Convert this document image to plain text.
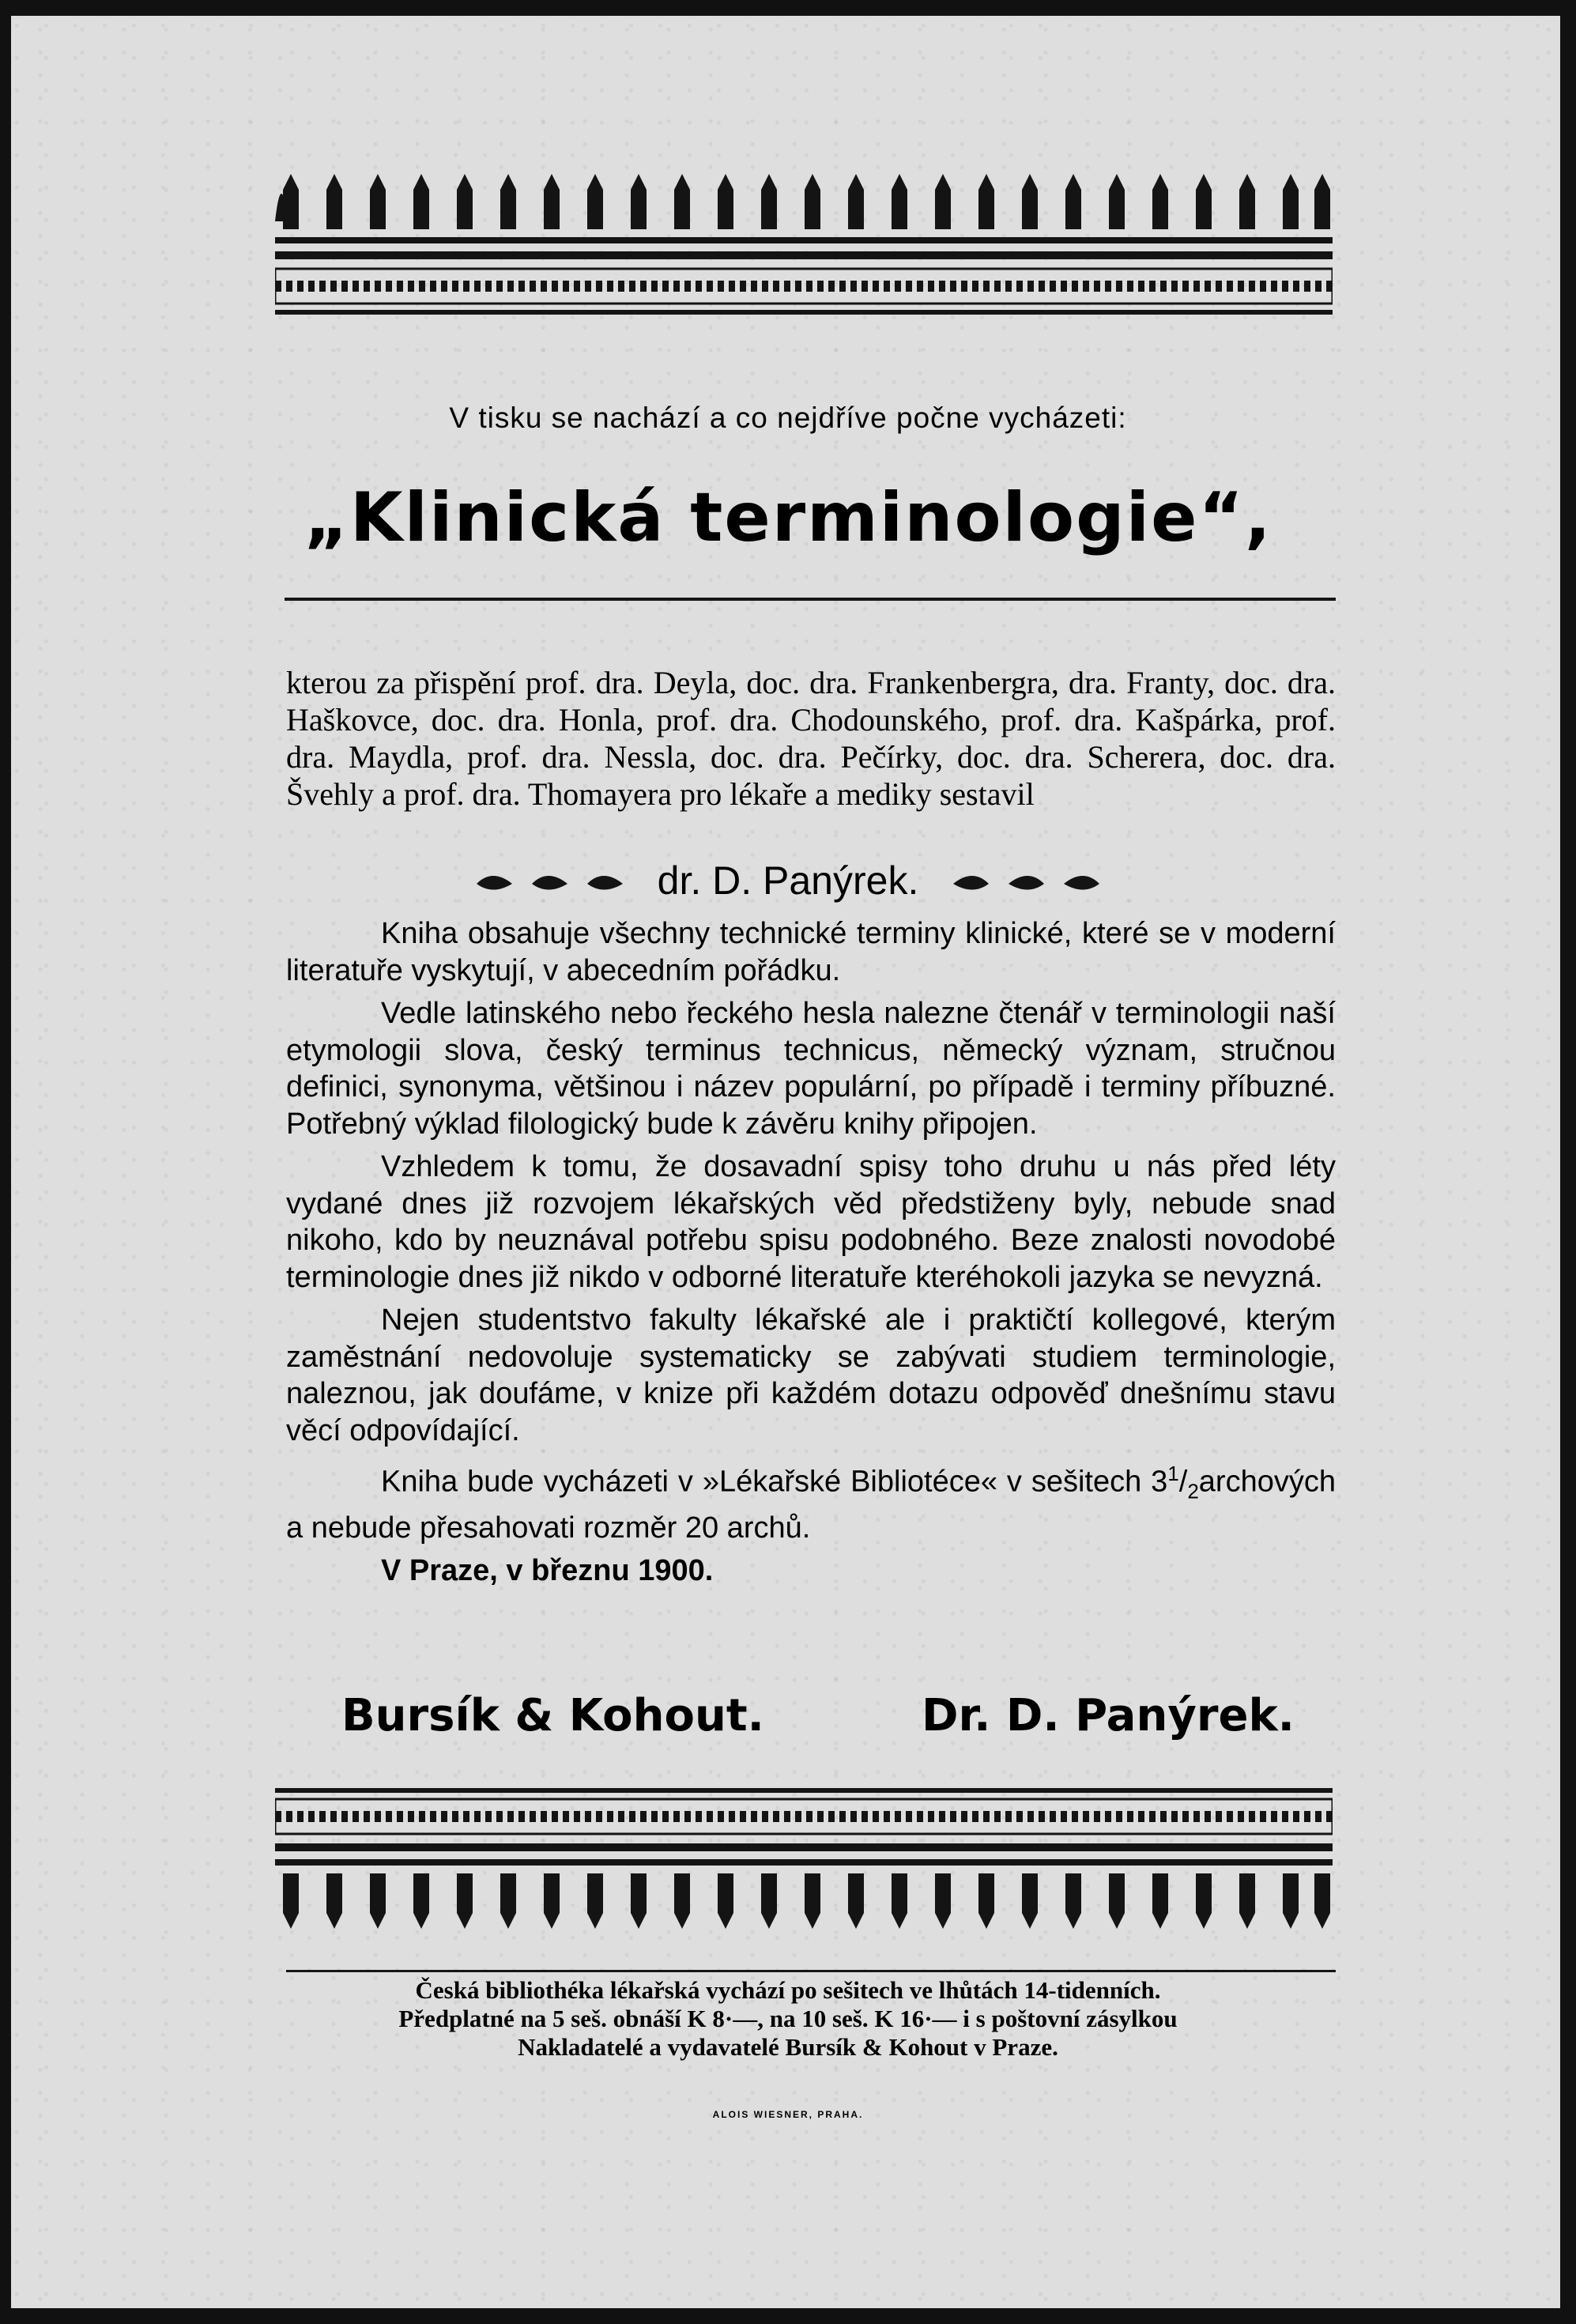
V tisku se nachází a co nejdříve počne vycházeti:
„Klinická terminologie“,
kterou za přispění prof. dra. Deyla, doc. dra. Frankenbergra, dra. Franty, doc. dra. Haškovce, doc. dra. Honla, prof. dra. Chodounského, prof. dra. Kašpárka, prof. dra. Maydla, prof. dra. Nessla, doc. dra. Pečírky, doc. dra. Scherera, doc. dra. Švehly a prof. dra. Thomayera pro lékaře a mediky sestavil
dr. D. Panýrek.

Kniha obsahuje všechny technické terminy klinické, které se v moderní literatuře vyskytují, v abecedním pořádku.

Vedle latinského nebo řeckého hesla nalezne čtenář v terminologii naší etymologii slova, český terminus technicus, německý význam, stručnou definici, synonyma, většinou i název populární, po případě i terminy příbuzné. Potřebný výklad filologický bude k závěru knihy připojen.

Vzhledem k tomu, že dosavadní spisy toho druhu u nás před léty vydané dnes již rozvojem lékařských věd předstiženy byly, nebude snad nikoho, kdo by neuznával potřebu spisu podobného. Beze znalosti novodobé terminologie dnes již nikdo v odborné literatuře kteréhokoli jazyka se nevyzná.

Nejen studentstvo fakulty lékařské ale i praktičtí kollegové, kterým zaměstnání nedovoluje systematicky se zabývati studiem terminologie, naleznou, jak doufáme, v knize při každém dotazu odpověď dnešnímu stavu věcí odpovídající.

Kniha bude vycházeti v »Lékařské Bibliotéce« v sešitech $3^1/_2archových$ a nebude přesahovati rozměr 20 archů.

V Praze, v březnu 1900.

Bursík & Kohout.	Dr. D. Panýrek.
Česká bibliothéka lékařská vychází po sešitech ve lhůtách 14-tidenních.
Předplatné na 5 seš. obnáší K 8·—, na 10 seš. K 16·— i s poštovní zásylkou
Nakladatelé a vydavatelé Bursík & Kohout v Praze.
ALOIS WIESNER, PRAHA.
